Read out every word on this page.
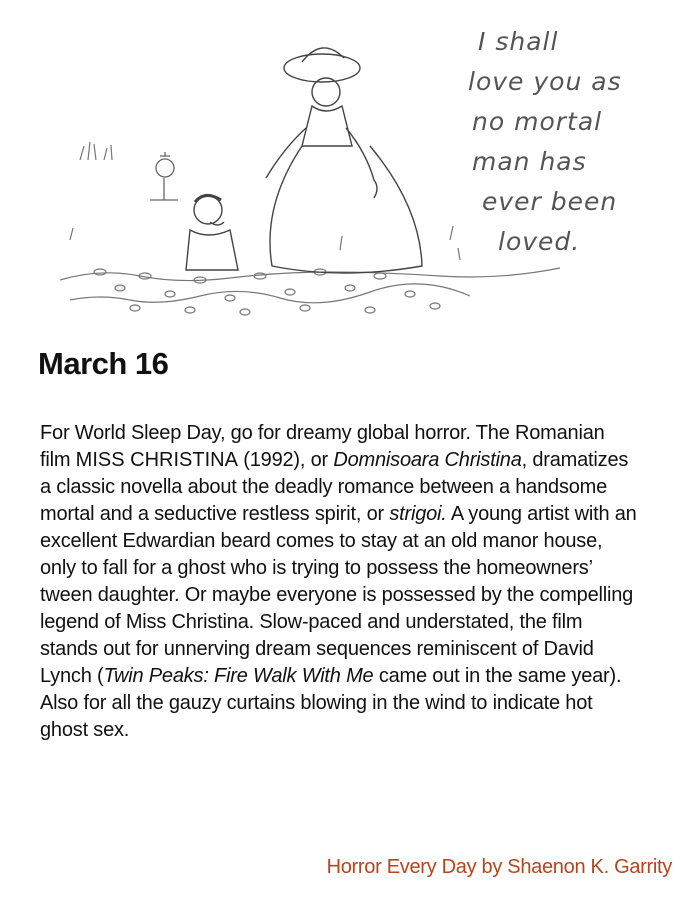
I shall
love you as
no mortal
man has
ever been
loved.
March 16

For World Sleep Day, go for dreamy global horror. The Romanian film MISS CHRISTINA (1992), or Domnisoara Christina, dramatizes a classic novella about the deadly romance between a handsome mortal and a seductive restless spirit, or strigoi. A young artist with an excellent Edwardian beard comes to stay at an old manor house, only to fall for a ghost who is trying to possess the homeowners’ tween daughter. Or maybe everyone is possessed by the compelling legend of Miss Christina. Slow-paced and understated, the film stands out for unnerving dream sequences reminiscent of David Lynch (Twin Peaks: Fire Walk With Me came out in the same year). Also for all the gauzy curtains blowing in the wind to indicate hot ghost sex.

Horror Every Day by Shaenon K. Garrity
